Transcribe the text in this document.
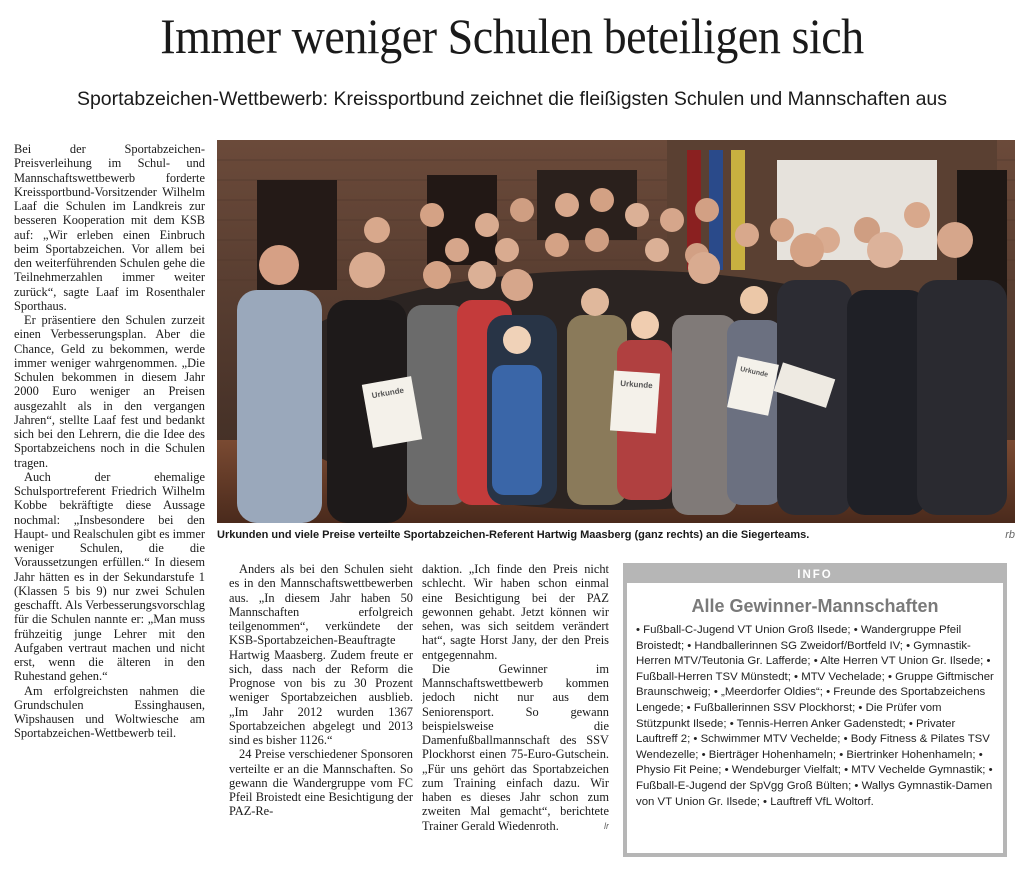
Immer weniger Schulen beteiligen sich
Sportabzeichen-Wettbewerb: Kreissportbund zeichnet die fleißigsten Schulen und Mannschaften aus

Bei der Sportabzeichen-Preisverleihung im Schul- und Mannschaftswettbewerb forderte Kreissportbund-Vorsitzender Wilhelm Laaf die Schulen im Landkreis zur besseren Kooperation mit dem KSB auf: „Wir erleben einen Einbruch beim Sportabzeichen. Vor allem bei den weiterführenden Schulen gehe die Teilnehmerzahlen immer weiter zurück“, sagte Laaf im Rosenthaler Sporthaus.

Er präsentiere den Schulen zurzeit einen Verbesserungsplan. Aber die Chance, Geld zu bekommen, werde immer weniger wahrgenommen. „Die Schulen bekommen in diesem Jahr 2000 Euro weniger an Preisen ausgezahlt als in den vergangen Jahren“, stellte Laaf fest und bedankt sich bei den Lehrern, die die Idee des Sportabzeichens noch in die Schulen tragen.

Auch der ehemalige Schulsportreferent Friedrich Wilhelm Kobbe bekräftigte diese Aussage nochmal: „Insbesondere bei den Haupt- und Realschulen gibt es immer weniger Schulen, die die Voraussetzungen erfüllen.“ In diesem Jahr hätten es in der Sekundarstufe 1 (Klassen 5 bis 9) nur zwei Schulen geschafft. Als Verbesserungsvorschlag für die Schulen nannte er: „Man muss frühzeitig junge Lehrer mit den Aufgaben vertraut machen und nicht erst, wenn die älteren in den Ruhestand gehen.“

Am erfolgreichsten nahmen die Grundschulen Essinghausen, Wipshausen und Woltwiesche am Sportabzeichen-Wettbewerb teil.

Urkunde
Urkunde
Urkunde
Urkunden und viele Preise verteilte Sportabzeichen-Referent Hartwig Maasberg (ganz rechts) an die Siegerteams.	rb

Anders als bei den Schulen sieht es in den Mannschaftswettbewerben aus. „In diesem Jahr haben 50 Mannschaften erfolgreich teilgenommen“, verkündete der KSB-Sportabzeichen-Beauftragte Hartwig Maasberg. Zudem freute er sich, dass nach der Reform die Prognose von bis zu 30 Prozent weniger Sportabzeichen ausblieb. „Im Jahr 2012 wurden 1367 Sportabzeichen abgelegt und 2013 sind es bisher 1126.“

24 Preise verschiedener Sponsoren verteilte er an die Mannschaften. So gewann die Wandergruppe vom FC Pfeil Broistedt eine Besichtigung der PAZ-Re-

daktion. „Ich finde den Preis nicht schlecht. Wir haben schon einmal eine Besichtigung bei der PAZ gewonnen gehabt. Jetzt können wir sehen, was sich seitdem verändert hat“, sagte Horst Jany, der den Preis entgegennahm.

Die Gewinner im Mannschaftswettbewerb kommen jedoch nicht nur aus dem Seniorensport. So gewann beispielsweise die Damenfußballmannschaft des SSV Plockhorst einen 75-Euro-Gutschein. „Für uns gehört das Sportabzeichen zum Training einfach dazu. Wir haben es dieses Jahr schon zum zweiten Mal gemacht“, berichtete Trainer Gerald Wiedenroth.	lr

INFO
Alle Gewinner-Mannschaften
• Fußball-C-Jugend VT Union Groß Ilsede; • Wandergruppe Pfeil Broistedt; • Handballerinnen SG Zweidorf/Bortfeld IV; • Gymnastik-Herren MTV/Teutonia Gr. Lafferde; • Alte Herren VT Union Gr. Ilsede; • Fußball-Herren TSV Münstedt; • MTV Vechelade; • Gruppe Giftmischer Braunschweig; • „Meerdorfer Oldies“; • Freunde des Sportabzeichens Lengede; • Fußballerinnen SSV Plockhorst; • Die Prüfer vom Stützpunkt Ilsede; • Tennis-Herren Anker Gadenstedt; • Privater Lauftreff 2; • Schwimmer MTV Vechelde; • Body Fitness & Pilates TSV Wendezelle; • Bierträger Hohenhameln; • Biertrinker Hohenhameln; • Physio Fit Peine; • Wendeburger Vielfalt; • MTV Vechelde Gymnastik; • Fußball-E-Jugend der SpVgg Groß Bülten; • Wallys Gymnastik-Damen von VT Union Gr. Ilsede; • Lauftreff VfL Woltorf.
